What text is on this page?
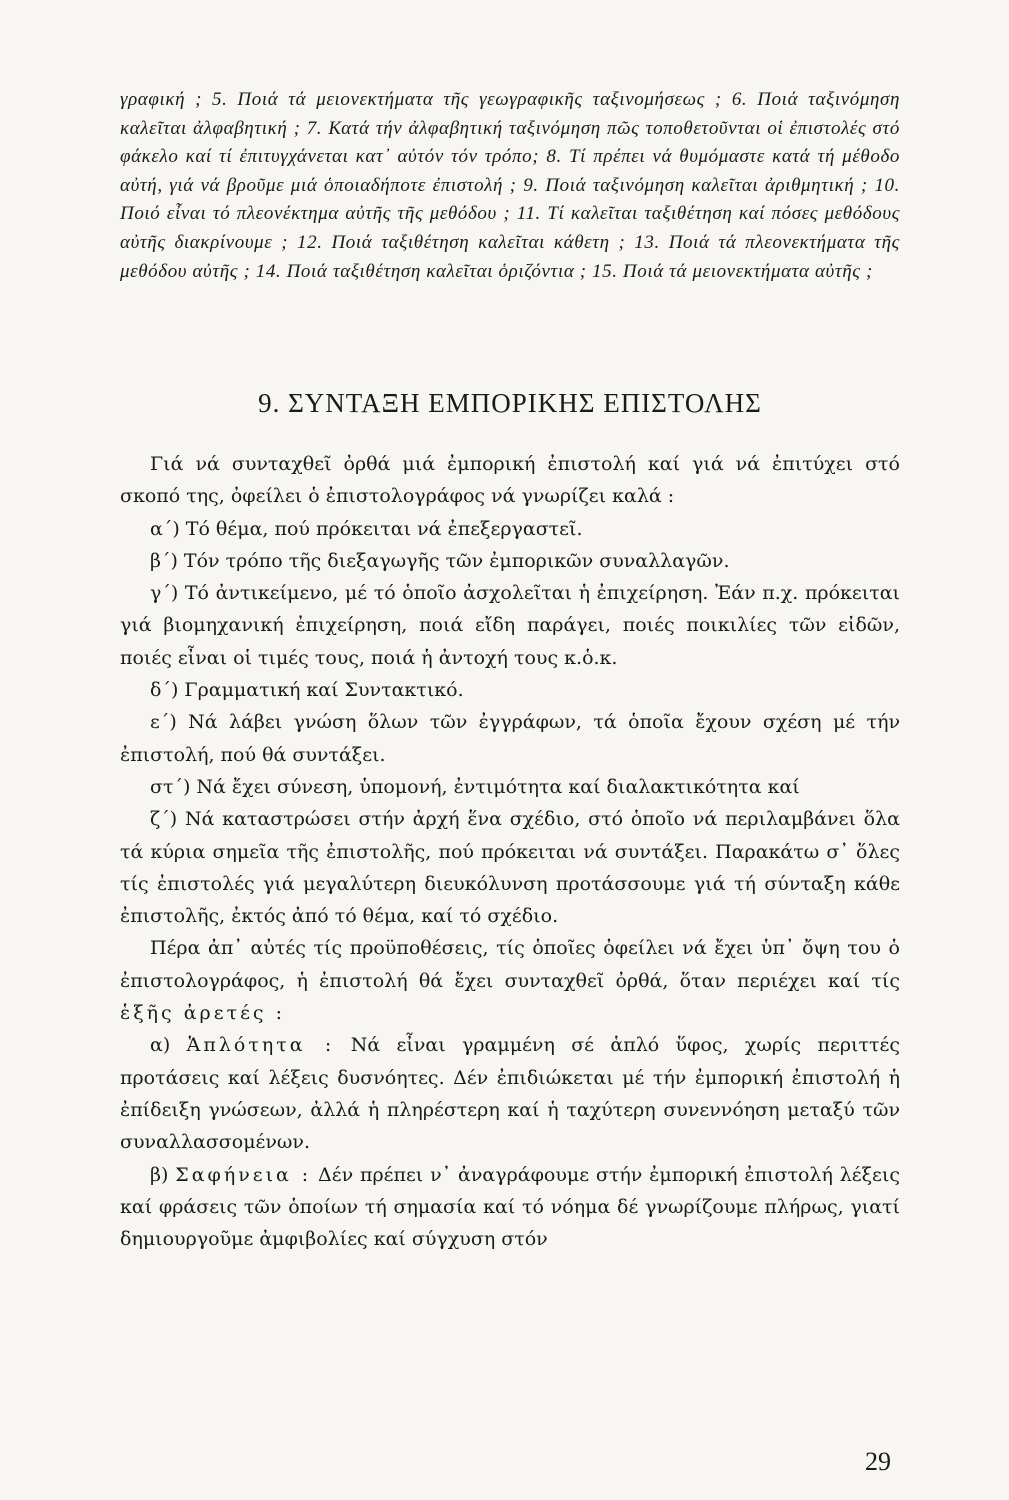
γραφική ; 5. Ποιά τά μειονεκτήματα τῆς γεωγραφικῆς ταξινομήσεως ; 6. Ποιά ταξινόμηση καλεῖται ἀλφαβητική ; 7. Κατά τήν ἀλφαβητική ταξινόμηση πῶς τοποθετοῦνται οἱ ἐπιστολές στό φάκελο καί τί ἐπιτυγχάνεται κατ᾽ αὐτόν τόν τρόπο; 8. Τί πρέπει νά θυμόμαστε κατά τή μέθοδο αὐτή, γιά νά βροῦμε μιά ὁποιαδήποτε ἐπιστολή ; 9. Ποιά ταξινόμηση καλεῖται ἀριθμητική ; 10. Ποιό εἶναι τό πλεονέκτημα αὐτῆς τῆς μεθόδου ; 11. Τί καλεῖται ταξιθέτηση καί πόσες μεθόδους αὐτῆς διακρίνουμε ; 12. Ποιά ταξιθέτηση καλεῖται κάθετη ; 13. Ποιά τά πλεονεκτήματα τῆς μεθόδου αὐτῆς ; 14. Ποιά ταξιθέτηση καλεῖται ὁριζόντια ; 15. Ποιά τά μειονεκτήματα αὐτῆς ;

9. ΣΥΝΤΑΞΗ ΕΜΠΟΡΙΚΗΣ ΕΠΙΣΤΟΛΗΣ

Γιά νά συνταχθεῖ ὀρθά μιά ἐμπορική ἐπιστολή καί γιά νά ἐπιτύχει στό σκοπό της, ὀφείλει ὁ ἐπιστολογράφος νά γνωρίζει καλά :

α΄) Τό θέμα, πού πρόκειται νά ἐπεξεργαστεῖ.

β΄) Τόν τρόπο τῆς διεξαγωγῆς τῶν ἐμπορικῶν συναλλαγῶν.

γ΄) Τό ἀντικείμενο, μέ τό ὁποῖο ἀσχολεῖται ἡ ἐπιχείρηση. Ἐάν π.χ. πρόκειται γιά βιομηχανική ἐπιχείρηση, ποιά εἴδη παράγει, ποιές ποικιλίες τῶν εἰδῶν, ποιές εἶναι οἱ τιμές τους, ποιά ἡ ἀντοχή τους κ.ὁ.κ.

δ΄) Γραμματική καί Συντακτικό.

ε΄) Νά λάβει γνώση ὅλων τῶν ἐγγράφων, τά ὁποῖα ἔχουν σχέση μέ τήν ἐπιστολή, πού θά συντάξει.

στ΄) Νά ἔχει σύνεση, ὑπομονή, ἐντιμότητα καί διαλακτικότητα καί

ζ΄) Νά καταστρώσει στήν ἀρχή ἕνα σχέδιο, στό ὁποῖο νά περιλαμβάνει ὅλα τά κύρια σημεῖα τῆς ἐπιστολῆς, πού πρόκειται νά συντάξει. Παρακάτω σ᾽ ὅλες τίς ἐπιστολές γιά μεγαλύτερη διευκόλυνση προτάσσουμε γιά τή σύνταξη κάθε ἐπιστολῆς, ἐκτός ἀπό τό θέμα, καί τό σχέδιο.

Πέρα ἀπ᾽ αὐτές τίς προϋποθέσεις, τίς ὁποῖες ὀφείλει νά ἔχει ὑπ᾽ ὄψη του ὁ ἐπιστολογράφος, ἡ ἐπιστολή θά ἔχει συνταχθεῖ ὀρθά, ὅταν περιέχει καί τίς ἑξῆς ἀρετές :

α) Ἁπλότητα : Νά εἶναι γραμμένη σέ ἁπλό ὕφος, χωρίς περιττές προτάσεις καί λέξεις δυσνόητες. Δέν ἐπιδιώκεται μέ τήν ἐμπορική ἐπιστολή ἡ ἐπίδειξη γνώσεων, ἀλλά ἡ πληρέστερη καί ἡ ταχύτερη συνεννόηση μεταξύ τῶν συναλλασσομένων.

β) Σαφήνεια : Δέν πρέπει ν᾽ ἀναγράφουμε στήν ἐμπορική ἐπιστολή λέξεις καί φράσεις τῶν ὁποίων τή σημασία καί τό νόημα δέ γνωρίζουμε πλήρως, γιατί δημιουργοῦμε ἀμφιβολίες καί σύγχυση στόν

29
